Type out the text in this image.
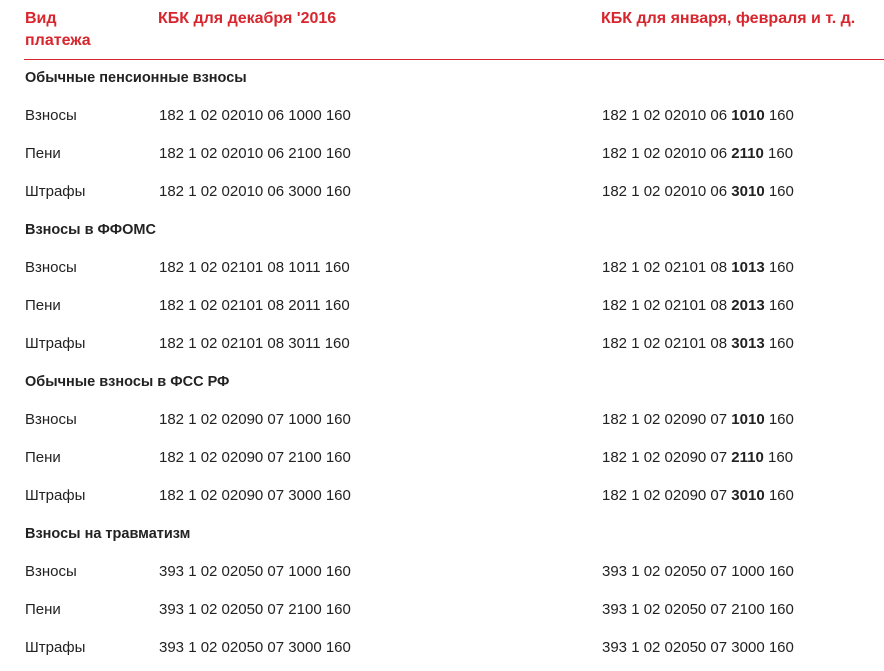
Вид
платежа
КБК для декабря '2016	КБК для января, февраля и т. д.
Обычные пенсионные взносы
Взносы	182 1 02 02010 06 1000 160	182 1 02 02010 06 1010 160
Пени	182 1 02 02010 06 2100 160	182 1 02 02010 06 2110 160
Штрафы	182 1 02 02010 06 3000 160	182 1 02 02010 06 3010 160
Взносы в ФФОМС
Взносы	182 1 02 02101 08 1011 160	182 1 02 02101 08 1013 160
Пени	182 1 02 02101 08 2011 160	182 1 02 02101 08 2013 160
Штрафы	182 1 02 02101 08 3011 160	182 1 02 02101 08 3013 160
Обычные взносы в ФСС РФ
Взносы	182 1 02 02090 07 1000 160	182 1 02 02090 07 1010 160
Пени	182 1 02 02090 07 2100 160	182 1 02 02090 07 2110 160
Штрафы	182 1 02 02090 07 3000 160	182 1 02 02090 07 3010 160
Взносы на травматизм
Взносы	393 1 02 02050 07 1000 160	393 1 02 02050 07 1000 160
Пени	393 1 02 02050 07 2100 160	393 1 02 02050 07 2100 160
Штрафы	393 1 02 02050 07 3000 160	393 1 02 02050 07 3000 160
